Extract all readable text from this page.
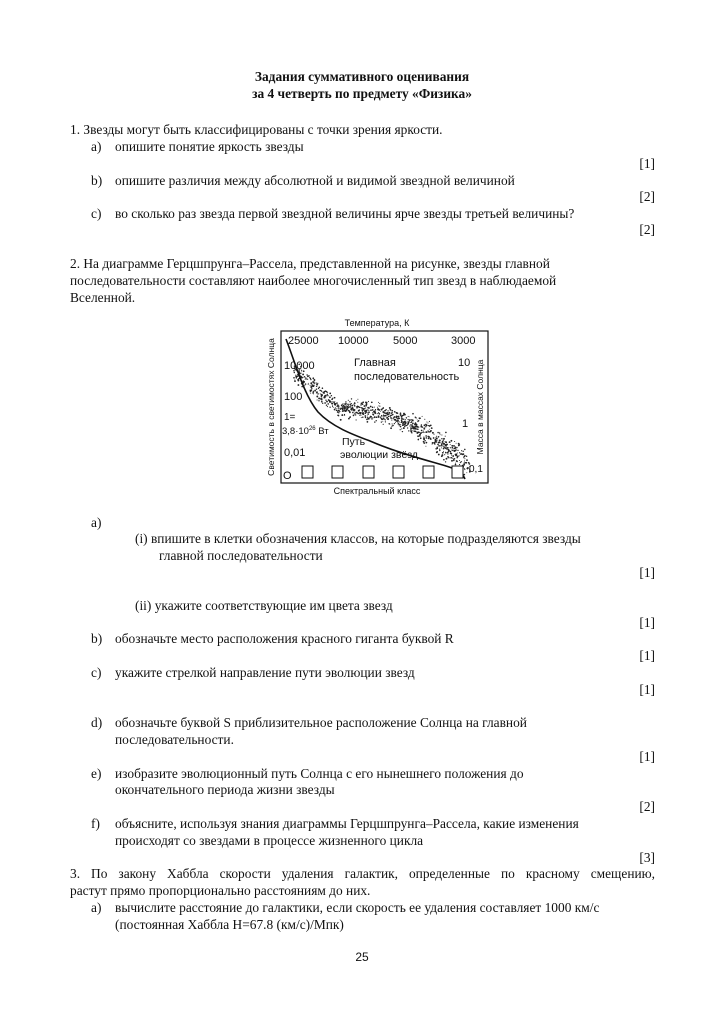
Задания суммативного оценивания
за 4 четверть по предмету «Физика»
1. Звезды могут быть классифицированы с точки зрения яркости.
a) опишите понятие яркость звезды
[1]
b) опишите различия между абсолютной и видимой звездной величиной
[2]
c) во сколько раз звезда первой звездной величины ярче звезды третьей величины?
[2]
2. На диаграмме Герцшпрунга–Рассела, представленной на рисунке, звезды главной
последовательности составляют наиболее многочисленный тип звезд в наблюдаемой
Вселенной.
Температура, К
Светимость в светимостях Солнца	Масса в массах Солнца
Спектральный класс
25000 10000 5000	3000
10000
100
1=
$3,8\cdot 10^{26}$ Вт
0,01
10
1
0,1
Главная
последовательность
Путь
эволюции звёзд
O
a)
(i) впишите в клетки обозначения классов, на которые подразделяются звезды
главной последовательности
[1]
(ii) укажите соответствующие им цвета звезд
[1]
b) обозначьте место расположения красного гиганта буквой R
[1]
c) укажите стрелкой направление пути эволюции звезд
[1]
d) обозначьте буквой S приблизительное расположение Солнца на главной
последовательности.
[1]
e) изобразите эволюционный путь Солнца с его нынешнего положения до
окончательного периода жизни звезды
[2]
f) объясните, используя знания диаграммы Герцшпрунга–Рассела, какие изменения
происходят со звездами в процессе жизненного цикла
[3]
3. По закону Хаббла скорости удаления галактик, определенные по красному смещению,
растут прямо пропорционально расстояниям до них.
a) вычислите расстояние до галактики, если скорость ее удаления составляет 1000 км/с
(постоянная Хаббла Н=67.8 (км/с)/Мпк)
25
